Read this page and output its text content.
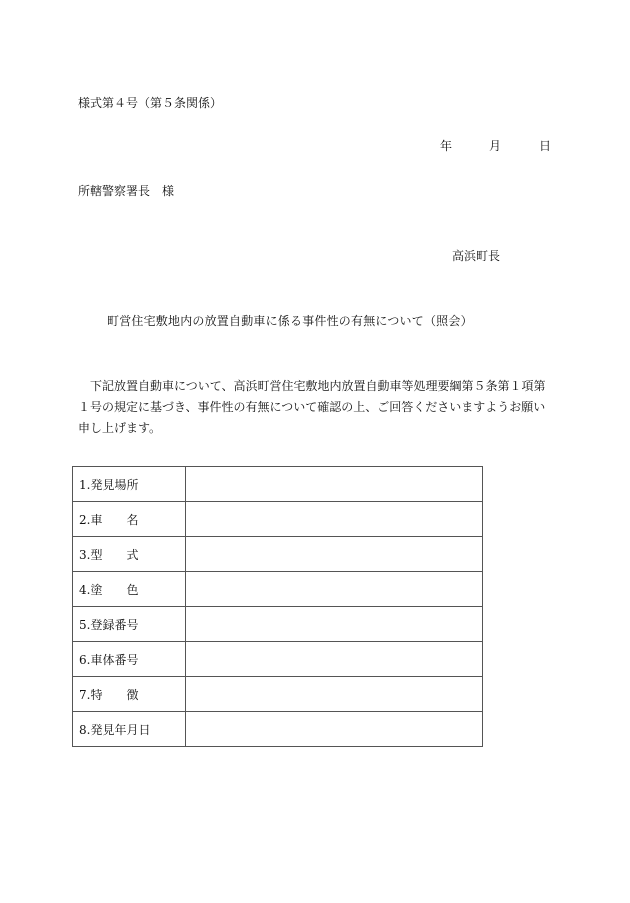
様式第４号（第５条関係）
年	月	日
所轄警察署長　様
高浜町長
町営住宅敷地内の放置自動車に係る事件性の有無について（照会）
下記放置自動車について、高浜町営住宅敷地内放置自動車等処理要綱第５条第１項第
１号の規定に基づき、事件性の有無について確認の上、ご回答くださいますようお願い
申し上げます。
1.発見場所	
2.車　　名	
3.型　　式	
4.塗　　色	
5.登録番号	
6.車体番号	
7.特　　徴	
8.発見年月日	
